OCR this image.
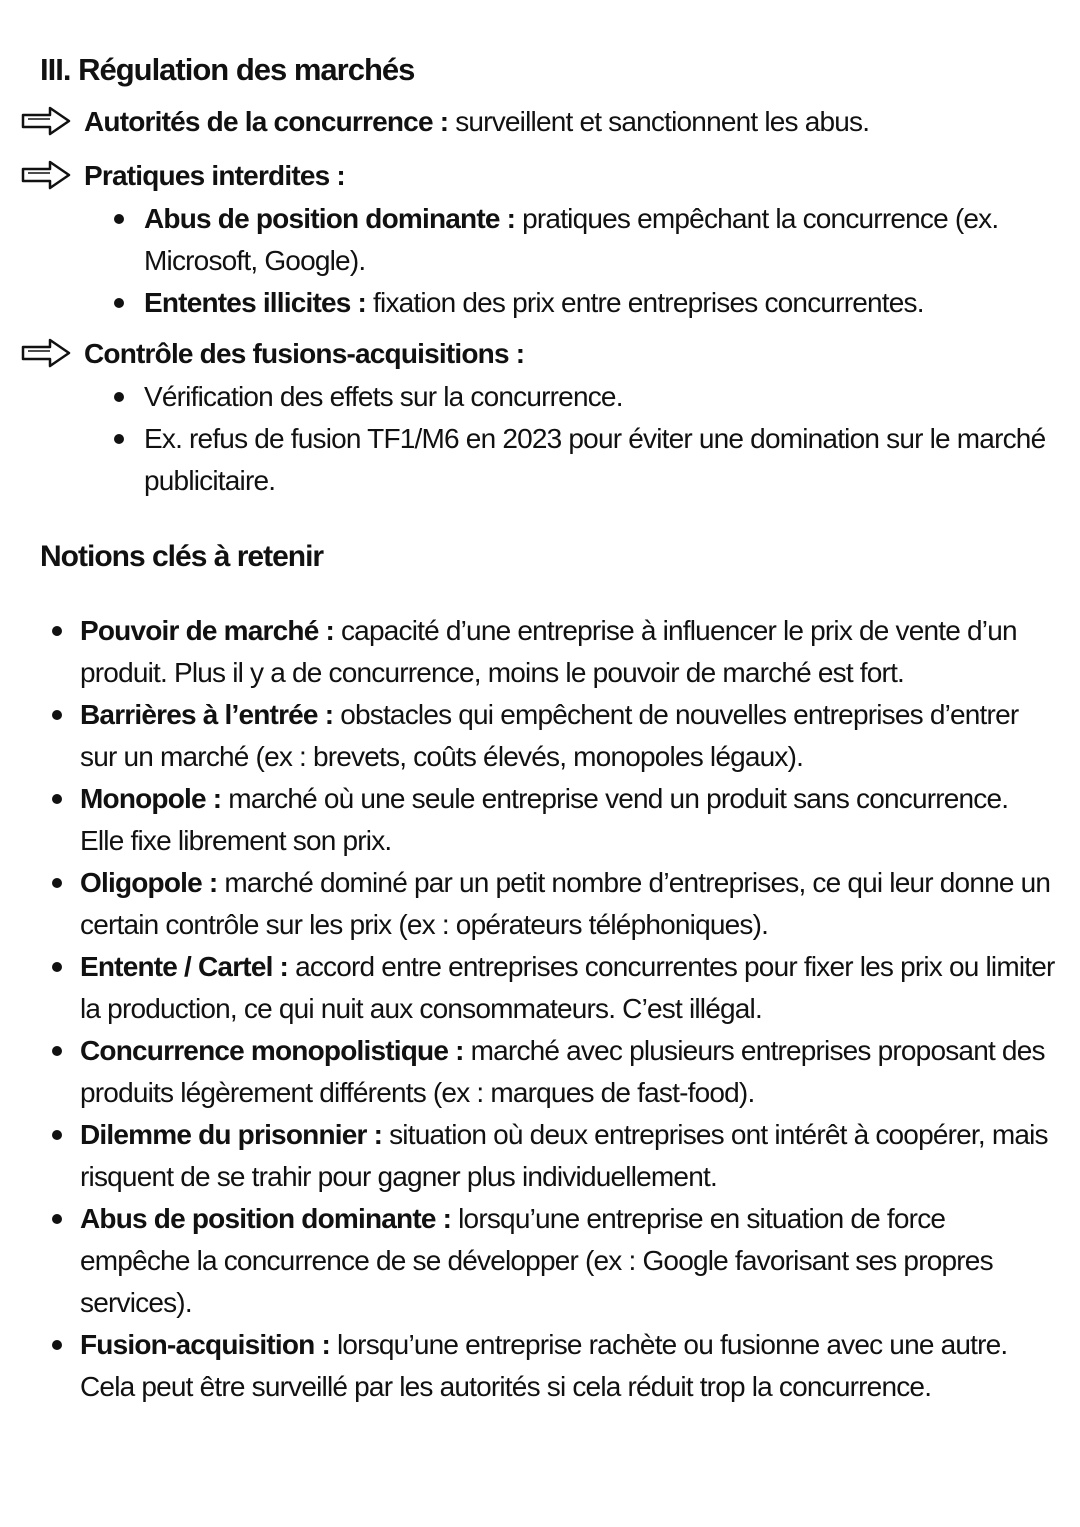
III. Régulation des marchés
Autorités de la concurrence : surveillent et sanctionnent les abus.
Pratiques interdites :
Abus de position dominante : pratiques empêchant la concurrence (ex. Microsoft, Google).
Ententes illicites : fixation des prix entre entreprises concurrentes.
Contrôle des fusions-acquisitions :
Vérification des effets sur la concurrence.
Ex. refus de fusion TF1/M6 en 2023 pour éviter une domination sur le marché publicitaire.
Notions clés à retenir
Pouvoir de marché : capacité d’une entreprise à influencer le prix de vente d’un produit. Plus il y a de concurrence, moins le pouvoir de marché est fort.
Barrières à l’entrée : obstacles qui empêchent de nouvelles entreprises d’entrer sur un marché (ex : brevets, coûts élevés, monopoles légaux).
Monopole : marché où une seule entreprise vend un produit sans concurrence. Elle fixe librement son prix.
Oligopole : marché dominé par un petit nombre d’entreprises, ce qui leur donne un certain contrôle sur les prix (ex : opérateurs téléphoniques).
Entente / Cartel : accord entre entreprises concurrentes pour fixer les prix ou limiter la production, ce qui nuit aux consommateurs. C’est illégal.
Concurrence monopolistique : marché avec plusieurs entreprises proposant des produits légèrement différents (ex : marques de fast-food).
Dilemme du prisonnier : situation où deux entreprises ont intérêt à coopérer, mais risquent de se trahir pour gagner plus individuellement.
Abus de position dominante : lorsqu’une entreprise en situation de force empêche la concurrence de se développer (ex : Google favorisant ses propres services).
Fusion-acquisition : lorsqu’une entreprise rachète ou fusionne avec une autre. Cela peut être surveillé par les autorités si cela réduit trop la concurrence.
